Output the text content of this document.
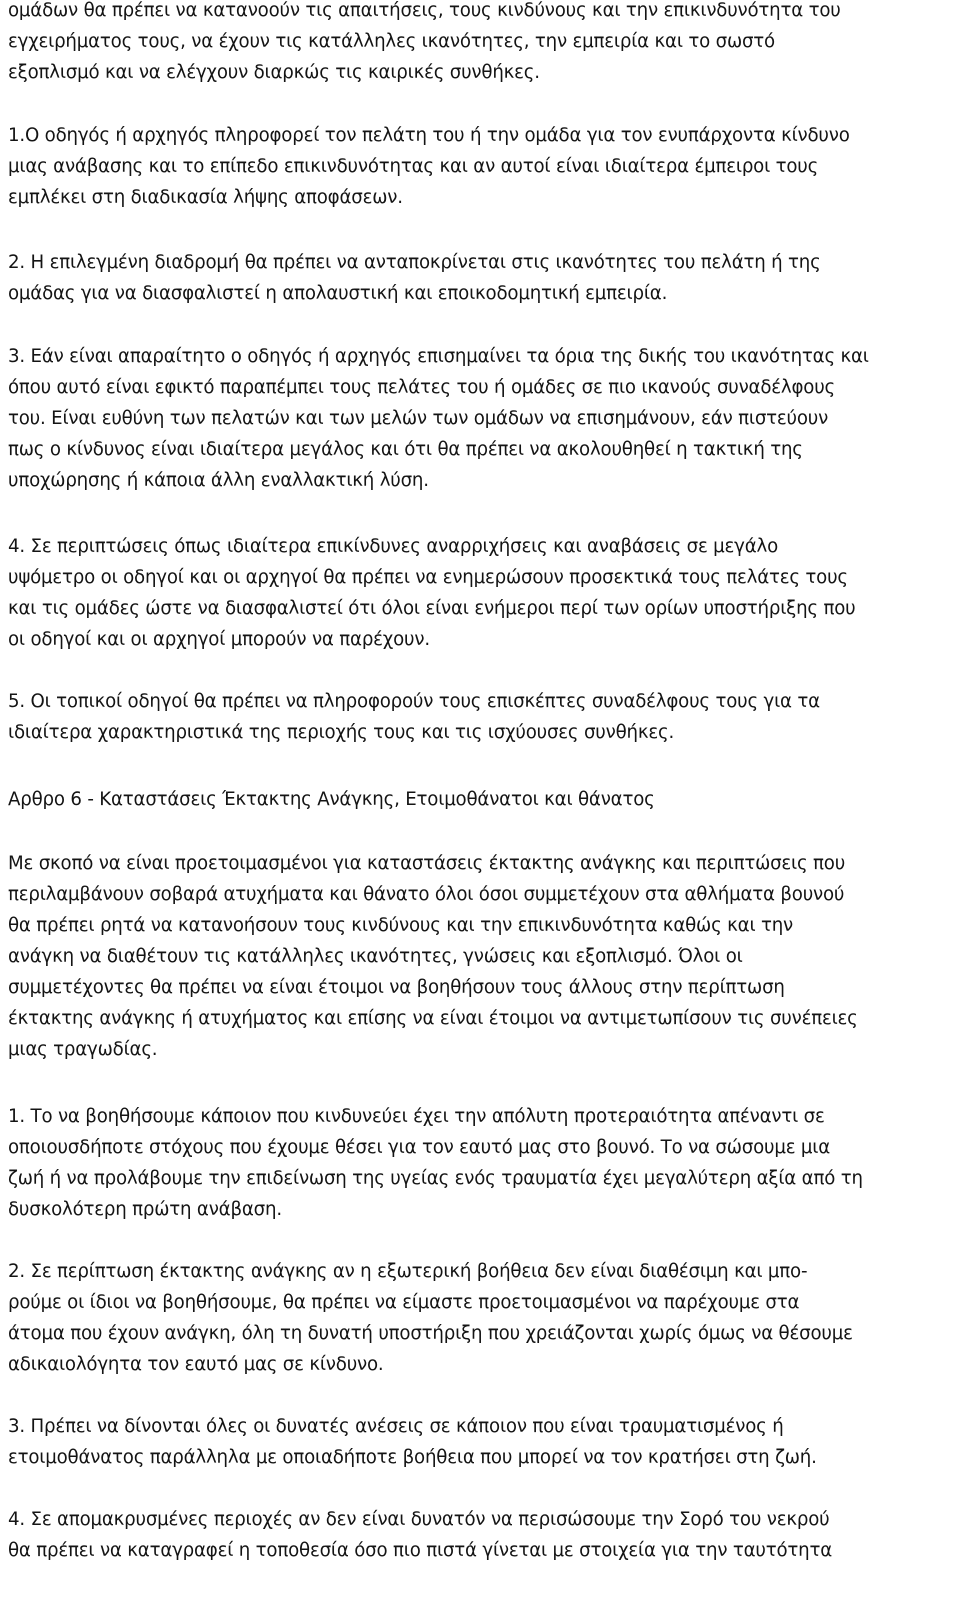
ομάδων θα πρέπει να κατανοούν τις απαιτήσεις, τους κινδύνους και την επικινδυνότητα του
εγχειρήματος τους, να έχουν τις κατάλληλες ικανότητες, την εμπειρία και το σωστό
εξοπλισμό και να ελέγχουν διαρκώς τις καιρικές συνθήκες.

1.Ο οδηγός ή αρχηγός πληροφορεί τον πελάτη του ή την ομάδα για τον ενυπάρχοντα κίνδυνο
μιας ανάβασης και το επίπεδο επικινδυνότητας και αν αυτοί είναι ιδιαίτερα έμπειροι τους
εμπλέκει στη διαδικασία λήψης αποφάσεων.

2. Η επιλεγμένη διαδρομή θα πρέπει να ανταποκρίνεται στις ικανότητες του πελάτη ή της
ομάδας για να διασφαλιστεί η απολαυστική και εποικοδομητική εμπειρία.

3. Εάν είναι απαραίτητο ο οδηγός ή αρχηγός επισημαίνει τα όρια της δικής του ικανότητας και
όπου αυτό είναι εφικτό παραπέμπει τους πελάτες του ή ομάδες σε πιο ικανούς συναδέλφους
του. Είναι ευθύνη των πελατών και των μελών των ομάδων να επισημάνουν, εάν πιστεύουν
πως ο κίνδυνος είναι ιδιαίτερα μεγάλος και ότι θα πρέπει να ακολουθηθεί η τακτική της
υποχώρησης ή κάποια άλλη εναλλακτική λύση.

4. Σε περιπτώσεις όπως ιδιαίτερα επικίνδυνες αναρριχήσεις και αναβάσεις σε μεγάλο
υψόμετρο οι οδηγοί και οι αρχηγοί θα πρέπει να ενημερώσουν προσεκτικά τους πελάτες τους
και τις ομάδες ώστε να διασφαλιστεί ότι όλοι είναι ενήμεροι περί των ορίων υποστήριξης που
οι οδηγοί και οι αρχηγοί μπορούν να παρέχουν.

5. Οι τοπικοί οδηγοί θα πρέπει να πληροφορούν τους επισκέπτες συναδέλφους τους για τα
ιδιαίτερα χαρακτηριστικά της περιοχής τους και τις ισχύουσες συνθήκες.

Αρθρο 6 - Καταστάσεις Έκτακτης Ανάγκης, Ετοιμοθάνατοι και θάνατος

Με σκοπό να είναι προετοιμασμένοι για καταστάσεις έκτακτης ανάγκης και περιπτώσεις που
περιλαμβάνουν σοβαρά ατυχήματα και θάνατο όλοι όσοι συμμετέχουν στα αθλήματα βουνού
θα πρέπει ρητά να κατανοήσουν τους κινδύνους και την επικινδυνότητα καθώς και την
ανάγκη να διαθέτουν τις κατάλληλες ικανότητες, γνώσεις και εξοπλισμό. Όλοι οι
συμμετέχοντες θα πρέπει να είναι έτοιμοι να βοηθήσουν τους άλλους στην περίπτωση
έκτακτης ανάγκης ή ατυχήματος και επίσης να είναι έτοιμοι να αντιμετωπίσουν τις συνέπειες
μιας τραγωδίας.

1. Το να βοηθήσουμε κάποιον που κινδυνεύει έχει την απόλυτη προτεραιότητα απέναντι σε
οποιουσδήποτε στόχους που έχουμε θέσει για τον εαυτό μας στο βουνό. Το να σώσουμε μια
ζωή ή να προλάβουμε την επιδείνωση της υγείας ενός τραυματία έχει μεγαλύτερη αξία από τη
δυσκολότερη πρώτη ανάβαση.

2. Σε περίπτωση έκτακτης ανάγκης αν η εξωτερική βοήθεια δεν είναι διαθέσιμη και μπο-
ρούμε οι ίδιοι να βοηθήσουμε, θα πρέπει να είμαστε προετοιμασμένοι να παρέχουμε στα
άτομα που έχουν ανάγκη, όλη τη δυνατή υποστήριξη που χρειάζονται χωρίς όμως να θέσουμε
αδικαιολόγητα τον εαυτό μας σε κίνδυνο.

3. Πρέπει να δίνονται όλες οι δυνατές ανέσεις σε κάποιον που είναι τραυματισμένος ή
ετοιμοθάνατος παράλληλα με οποιαδήποτε βοήθεια που μπορεί να τον κρατήσει στη ζωή.

4. Σε απομακρυσμένες περιοχές αν δεν είναι δυνατόν να περισώσουμε την Σορό του νεκρού
θα πρέπει να καταγραφεί η τοποθεσία όσο πιο πιστά γίνεται με στοιχεία για την ταυτότητα
